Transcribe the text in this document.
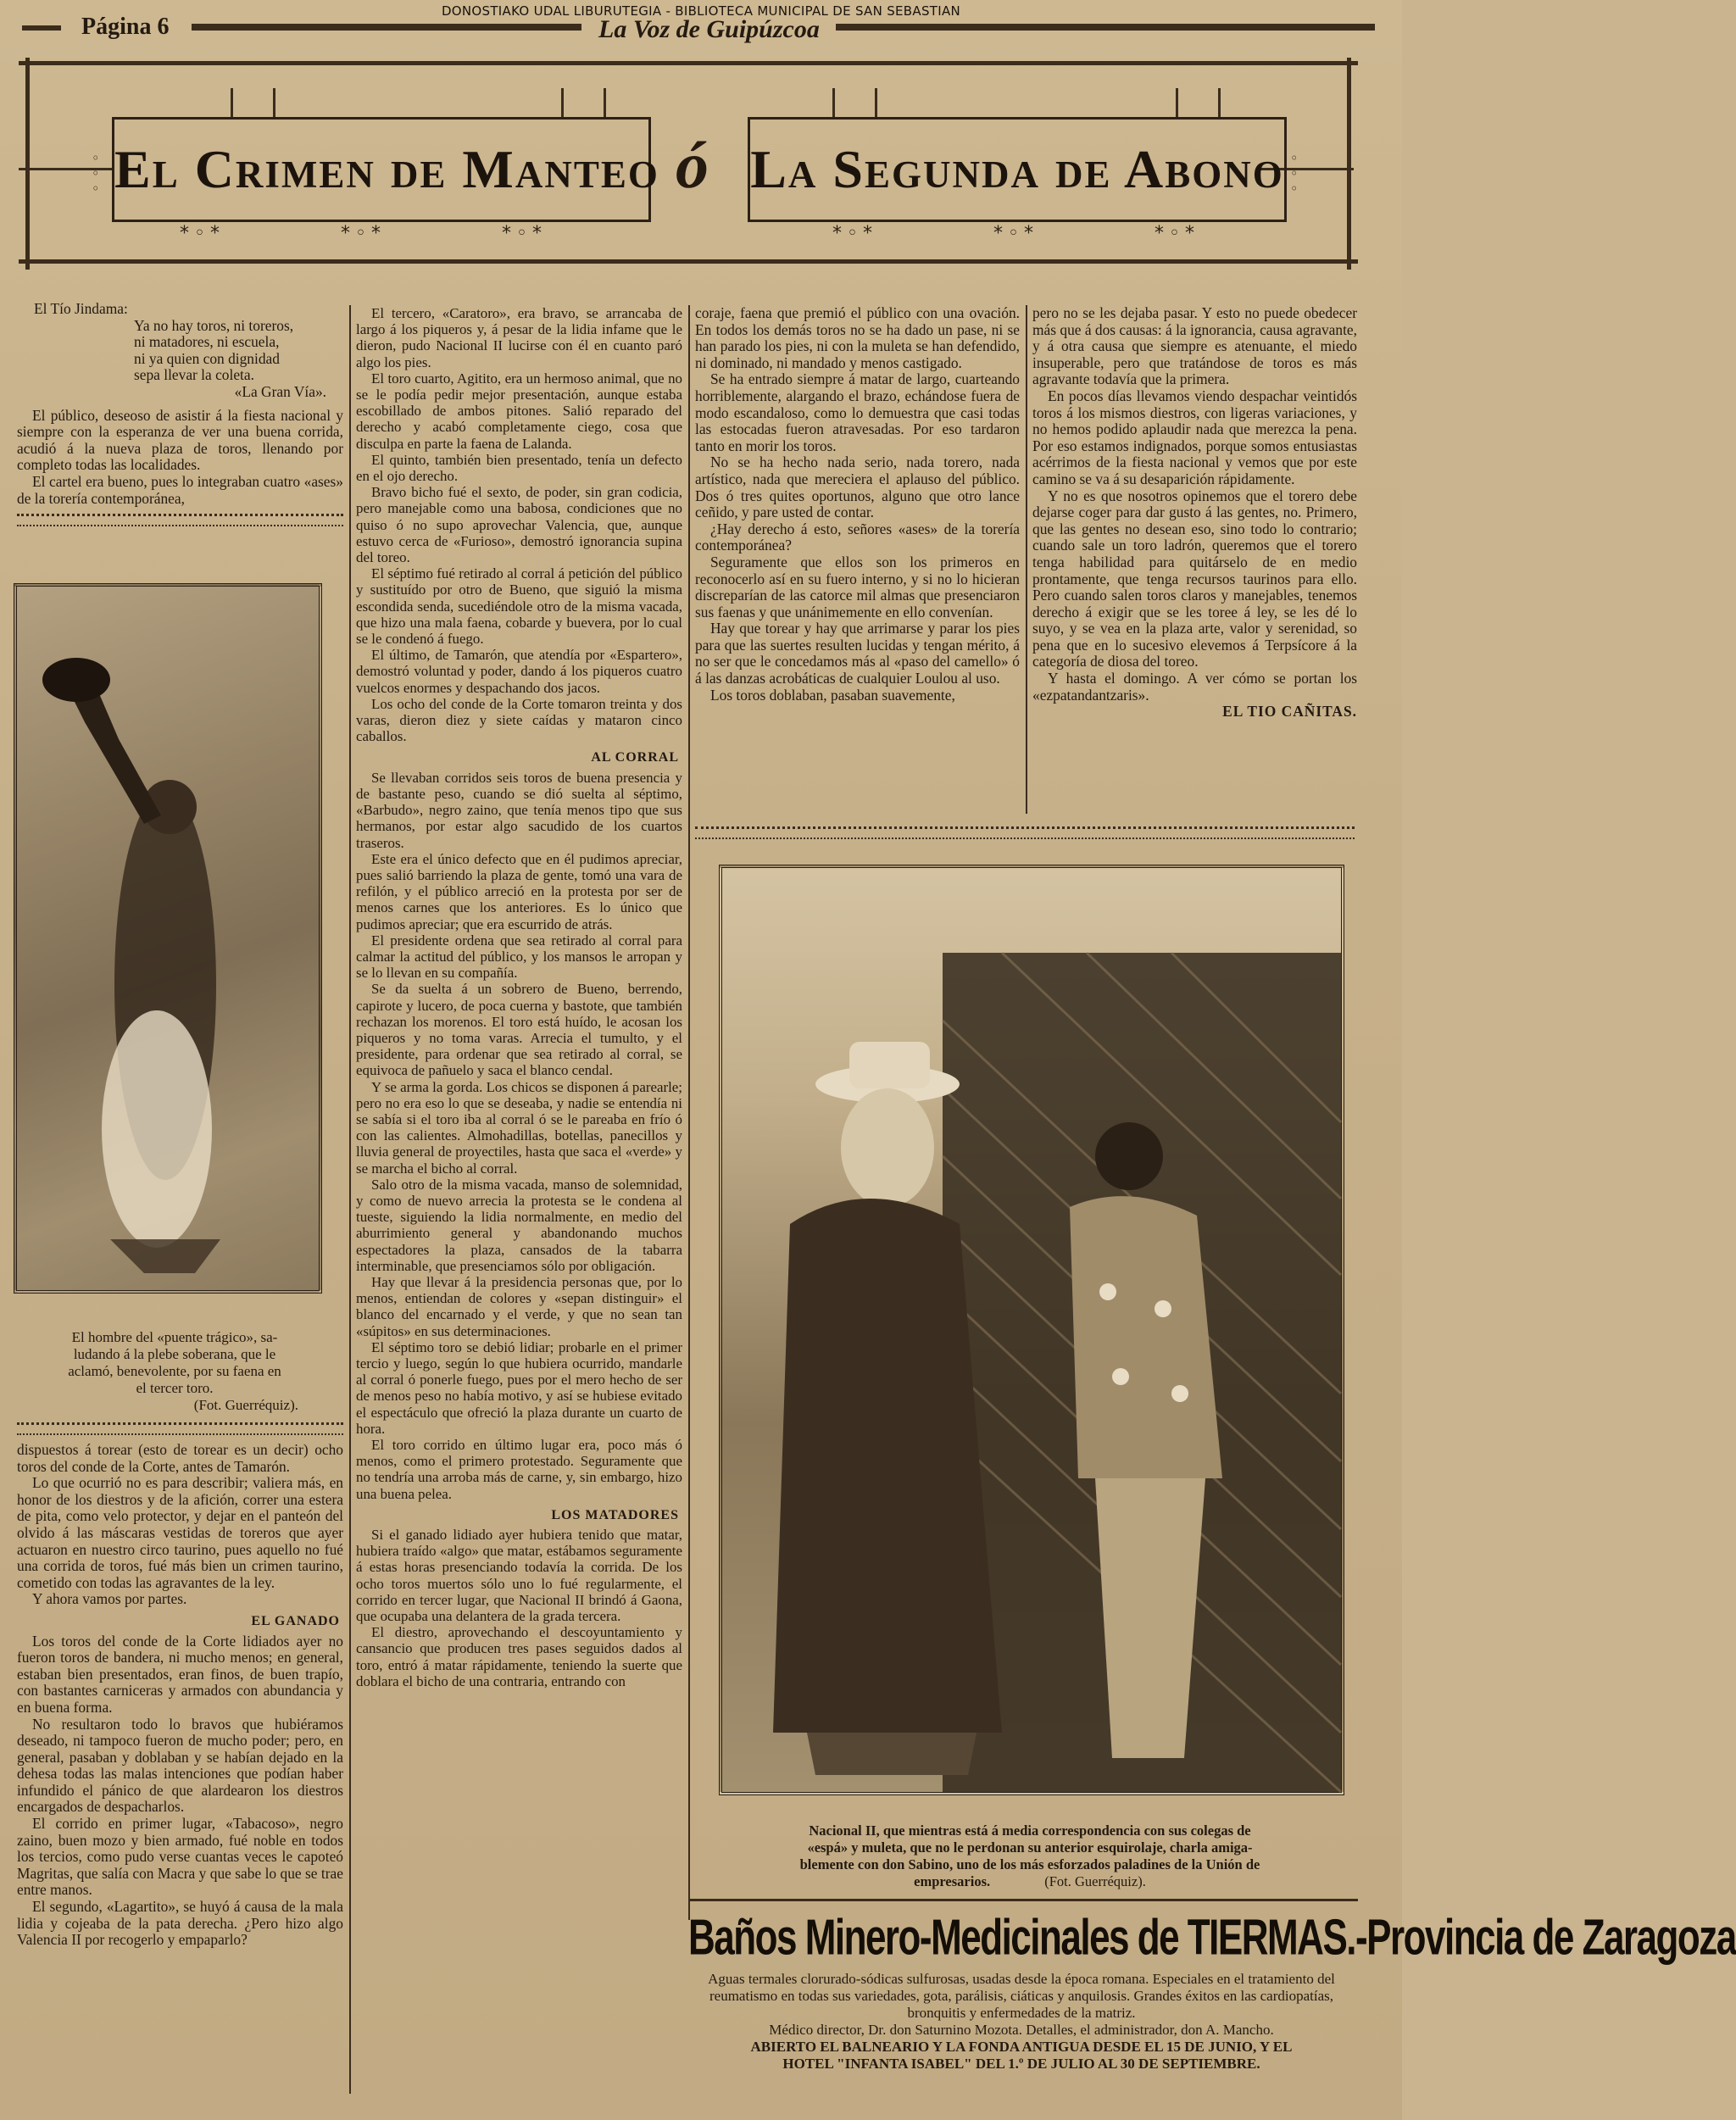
DONOSTIAKO UDAL LIBURUTEGIA - BIBLIOTECA MUNICIPAL DE SAN SEBASTIAN
Página 6	La Voz de Guipúzcoa
El Crimen de Manteo ó La Segunda de Abono
*◦*	*◦*	*◦*	*◦*	*◦*	*◦*
◦
◦
◦
◦
◦
◦

El Tío Jindama:

Ya no hay toros, ni toreros,

ni matadores, ni escuela,

ni ya quien con dignidad

sepa llevar la coleta.

«La Gran Vía».

El público, deseoso de asistir á la fiesta nacional y siempre con la esperanza de ver una buena corrida, acudió á la nueva plaza de toros, llenando por completo todas las localidades.

El cartel era bueno, pues lo integraban cuatro «ases» de la torería contemporánea,

El hombre del «puente trágico», sa-
ludando á la plebe soberana, que le
aclamó, benevolente, por su faena en
el tercer toro.
(Fot. Guerréquiz).

dispuestos á torear (esto de torear es un decir) ocho toros del conde de la Corte, antes de Tamarón.

Lo que ocurrió no es para describir; valiera más, en honor de los diestros y de la afición, correr una estera de pita, como velo protector, y dejar en el panteón del olvido á las máscaras vestidas de toreros que ayer actuaron en nuestro circo taurino, pues aquello no fué una corrida de toros, fué más bien un crimen taurino, cometido con todas las agravantes de la ley.

Y ahora vamos por partes.

EL GANADO

Los toros del conde de la Corte lidiados ayer no fueron toros de bandera, ni mucho menos; en general, estaban bien presentados, eran finos, de buen trapío, con bastantes carniceras y armados con abundancia y en buena forma.

No resultaron todo lo bravos que hubiéramos deseado, ni tampoco fueron de mucho poder; pero, en general, pasaban y doblaban y se habían dejado en la dehesa todas las malas intenciones que podían haber infundido el pánico de que alardearon los diestros encargados de despacharlos.

El corrido en primer lugar, «Tabacoso», negro zaino, buen mozo y bien armado, fué noble en todos los tercios, como pudo verse cuantas veces le capoteó Magritas, que salía con Macra y que sabe lo que se trae entre manos.

El segundo, «Lagartito», se huyó á causa de la mala lidia y cojeaba de la pata derecha. ¿Pero hizo algo Valencia II por recogerlo y empaparlo?

El tercero, «Caratoro», era bravo, se arrancaba de largo á los piqueros y, á pesar de la lidia infame que le dieron, pudo Nacional II lucirse con él en cuanto paró algo los pies.

El toro cuarto, Agitito, era un hermoso animal, que no se le podía pedir mejor presentación, aunque estaba escobillado de ambos pitones. Salió reparado del derecho y acabó completamente ciego, cosa que disculpa en parte la faena de Lalanda.

El quinto, también bien presentado, tenía un defecto en el ojo derecho.

Bravo bicho fué el sexto, de poder, sin gran codicia, pero manejable como una babosa, condiciones que no quiso ó no supo aprovechar Valencia, que, aunque estuvo cerca de «Furioso», demostró ignorancia supina del toreo.

El séptimo fué retirado al corral á petición del público y sustituído por otro de Bueno, que siguió la misma escondida senda, sucediéndole otro de la misma vacada, que hizo una mala faena, cobarde y buevera, por lo cual se le condenó á fuego.

El último, de Tamarón, que atendía por «Espartero», demostró voluntad y poder, dando á los piqueros cuatro vuelcos enormes y despachando dos jacos.

Los ocho del conde de la Corte tomaron treinta y dos varas, dieron diez y siete caídas y mataron cinco caballos.

AL CORRAL

Se llevaban corridos seis toros de buena presencia y de bastante peso, cuando se dió suelta al séptimo, «Barbudo», negro zaino, que tenía menos tipo que sus hermanos, por estar algo sacudido de los cuartos traseros.

Este era el único defecto que en él pudimos apreciar, pues salió barriendo la plaza de gente, tomó una vara de refilón, y el público arreció en la protesta por ser de menos carnes que los anteriores. Es lo único que pudimos apreciar; que era escurrido de atrás.

El presidente ordena que sea retirado al corral para calmar la actitud del público, y los mansos le arropan y se lo llevan en su compañía.

Se da suelta á un sobrero de Bueno, berrendo, capirote y lucero, de poca cuerna y bastote, que también rechazan los morenos. El toro está huído, le acosan los piqueros y no toma varas. Arrecia el tumulto, y el presidente, para ordenar que sea retirado al corral, se equivoca de pañuelo y saca el blanco cendal.

Y se arma la gorda. Los chicos se disponen á parearle; pero no era eso lo que se deseaba, y nadie se entendía ni se sabía si el toro iba al corral ó se le pareaba en frío ó con las calientes. Almohadillas, botellas, panecillos y lluvia general de proyectiles, hasta que saca el «verde» y se marcha el bicho al corral.

Salo otro de la misma vacada, manso de solemnidad, y como de nuevo arrecia la protesta se le condena al tueste, siguiendo la lidia normalmente, en medio del aburrimiento general y abandonando muchos espectadores la plaza, cansados de la tabarra interminable, que presenciamos sólo por obligación.

Hay que llevar á la presidencia personas que, por lo menos, entiendan de colores y «sepan distinguir» el blanco del encarnado y el verde, y que no sean tan «súpitos» en sus determinaciones.

El séptimo toro se debió lidiar; probarle en el primer tercio y luego, según lo que hubiera ocurrido, mandarle al corral ó ponerle fuego, pues por el mero hecho de ser de menos peso no había motivo, y así se hubiese evitado el espectáculo que ofreció la plaza durante un cuarto de hora.

El toro corrido en último lugar era, poco más ó menos, como el primero protestado. Seguramente que no tendría una arroba más de carne, y, sin embargo, hizo una buena pelea.

LOS MATADORES

Si el ganado lidiado ayer hubiera tenido que matar, hubiera traído «algo» que matar, estábamos seguramente á estas horas presenciando todavía la corrida. De los ocho toros muertos sólo uno lo fué regularmente, el corrido en tercer lugar, que Nacional II brindó á Gaona, que ocupaba una delantera de la grada tercera.

El diestro, aprovechando el descoyuntamiento y cansancio que producen tres pases seguidos dados al toro, entró á matar rápidamente, teniendo la suerte que doblara el bicho de una contraria, entrando con

coraje, faena que premió el público con una ovación. En todos los demás toros no se ha dado un pase, ni se han parado los pies, ni con la muleta se han defendido, ni dominado, ni mandado y menos castigado.

Se ha entrado siempre á matar de largo, cuarteando horriblemente, alargando el brazo, echándose fuera de modo escandaloso, como lo demuestra que casi todas las estocadas fueron atravesadas. Por eso tardaron tanto en morir los toros.

No se ha hecho nada serio, nada torero, nada artístico, nada que mereciera el aplauso del público. Dos ó tres quites oportunos, alguno que otro lance ceñido, y pare usted de contar.

¿Hay derecho á esto, señores «ases» de la torería contemporánea?

Seguramente que ellos son los primeros en reconocerlo así en su fuero interno, y si no lo hicieran discreparían de las catorce mil almas que presenciaron sus faenas y que unánimemente en ello convenían.

Hay que torear y hay que arrimarse y parar los pies para que las suertes resulten lucidas y tengan mérito, á no ser que le concedamos más al «paso del camello» ó á las danzas acrobáticas de cualquier Loulou al uso.

Los toros doblaban, pasaban suavemente,

pero no se les dejaba pasar. Y esto no puede obedecer más que á dos causas: á la ignorancia, causa agravante, y á otra causa que siempre es atenuante, el miedo insuperable, pero que tratándose de toros es más agravante todavía que la primera.

En pocos días llevamos viendo despachar veintidós toros á los mismos diestros, con ligeras variaciones, y no hemos podido aplaudir nada que merezca la pena. Por eso estamos indignados, porque somos entusiastas acérrimos de la fiesta nacional y vemos que por este camino se va á su desaparición rápidamente.

Y no es que nosotros opinemos que el torero debe dejarse coger para dar gusto á las gentes, no. Primero, que las gentes no desean eso, sino todo lo contrario; cuando sale un toro ladrón, queremos que el torero tenga habilidad para quitárselo de en medio prontamente, que tenga recursos taurinos para ello. Pero cuando salen toros claros y manejables, tenemos derecho á exigir que se les toree á ley, se les dé lo suyo, y se vea en la plaza arte, valor y serenidad, so pena que en lo sucesivo elevemos á Terpsícore á la categoría de diosa del toreo.

Y hasta el domingo. A ver cómo se portan los «ezpatandantzaris».

EL TIO CAÑITAS.

Nacional II, que mientras está á media correspondencia con sus colegas de
«espá» y muleta, que no le perdonan su anterior esquirolaje, charla amiga-
blemente con don Sabino, uno de los más esforzados paladines de la Unión de
empresarios.	(Fot. Guerréquiz).
Baños Minero-Medicinales de TIERMAS.-Provincia de Zaragoza
Aguas termales clorurado-sódicas sulfurosas, usadas desde la época romana. Especiales en el tratamiento del reumatismo en todas sus variedades, gota, parálisis, ciáticas y anquilosis. Grandes éxitos en las cardiopatías, bronquitis y enfermedades de la matriz.
Médico director, Dr. don Saturnino Mozota. Detalles, el administrador, don A. Mancho.
ABIERTO EL BALNEARIO Y LA FONDA ANTIGUA DESDE EL 15 DE JUNIO, Y EL
HOTEL "INFANTA ISABEL" DEL 1.º DE JULIO AL 30 DE SEPTIEMBRE.
